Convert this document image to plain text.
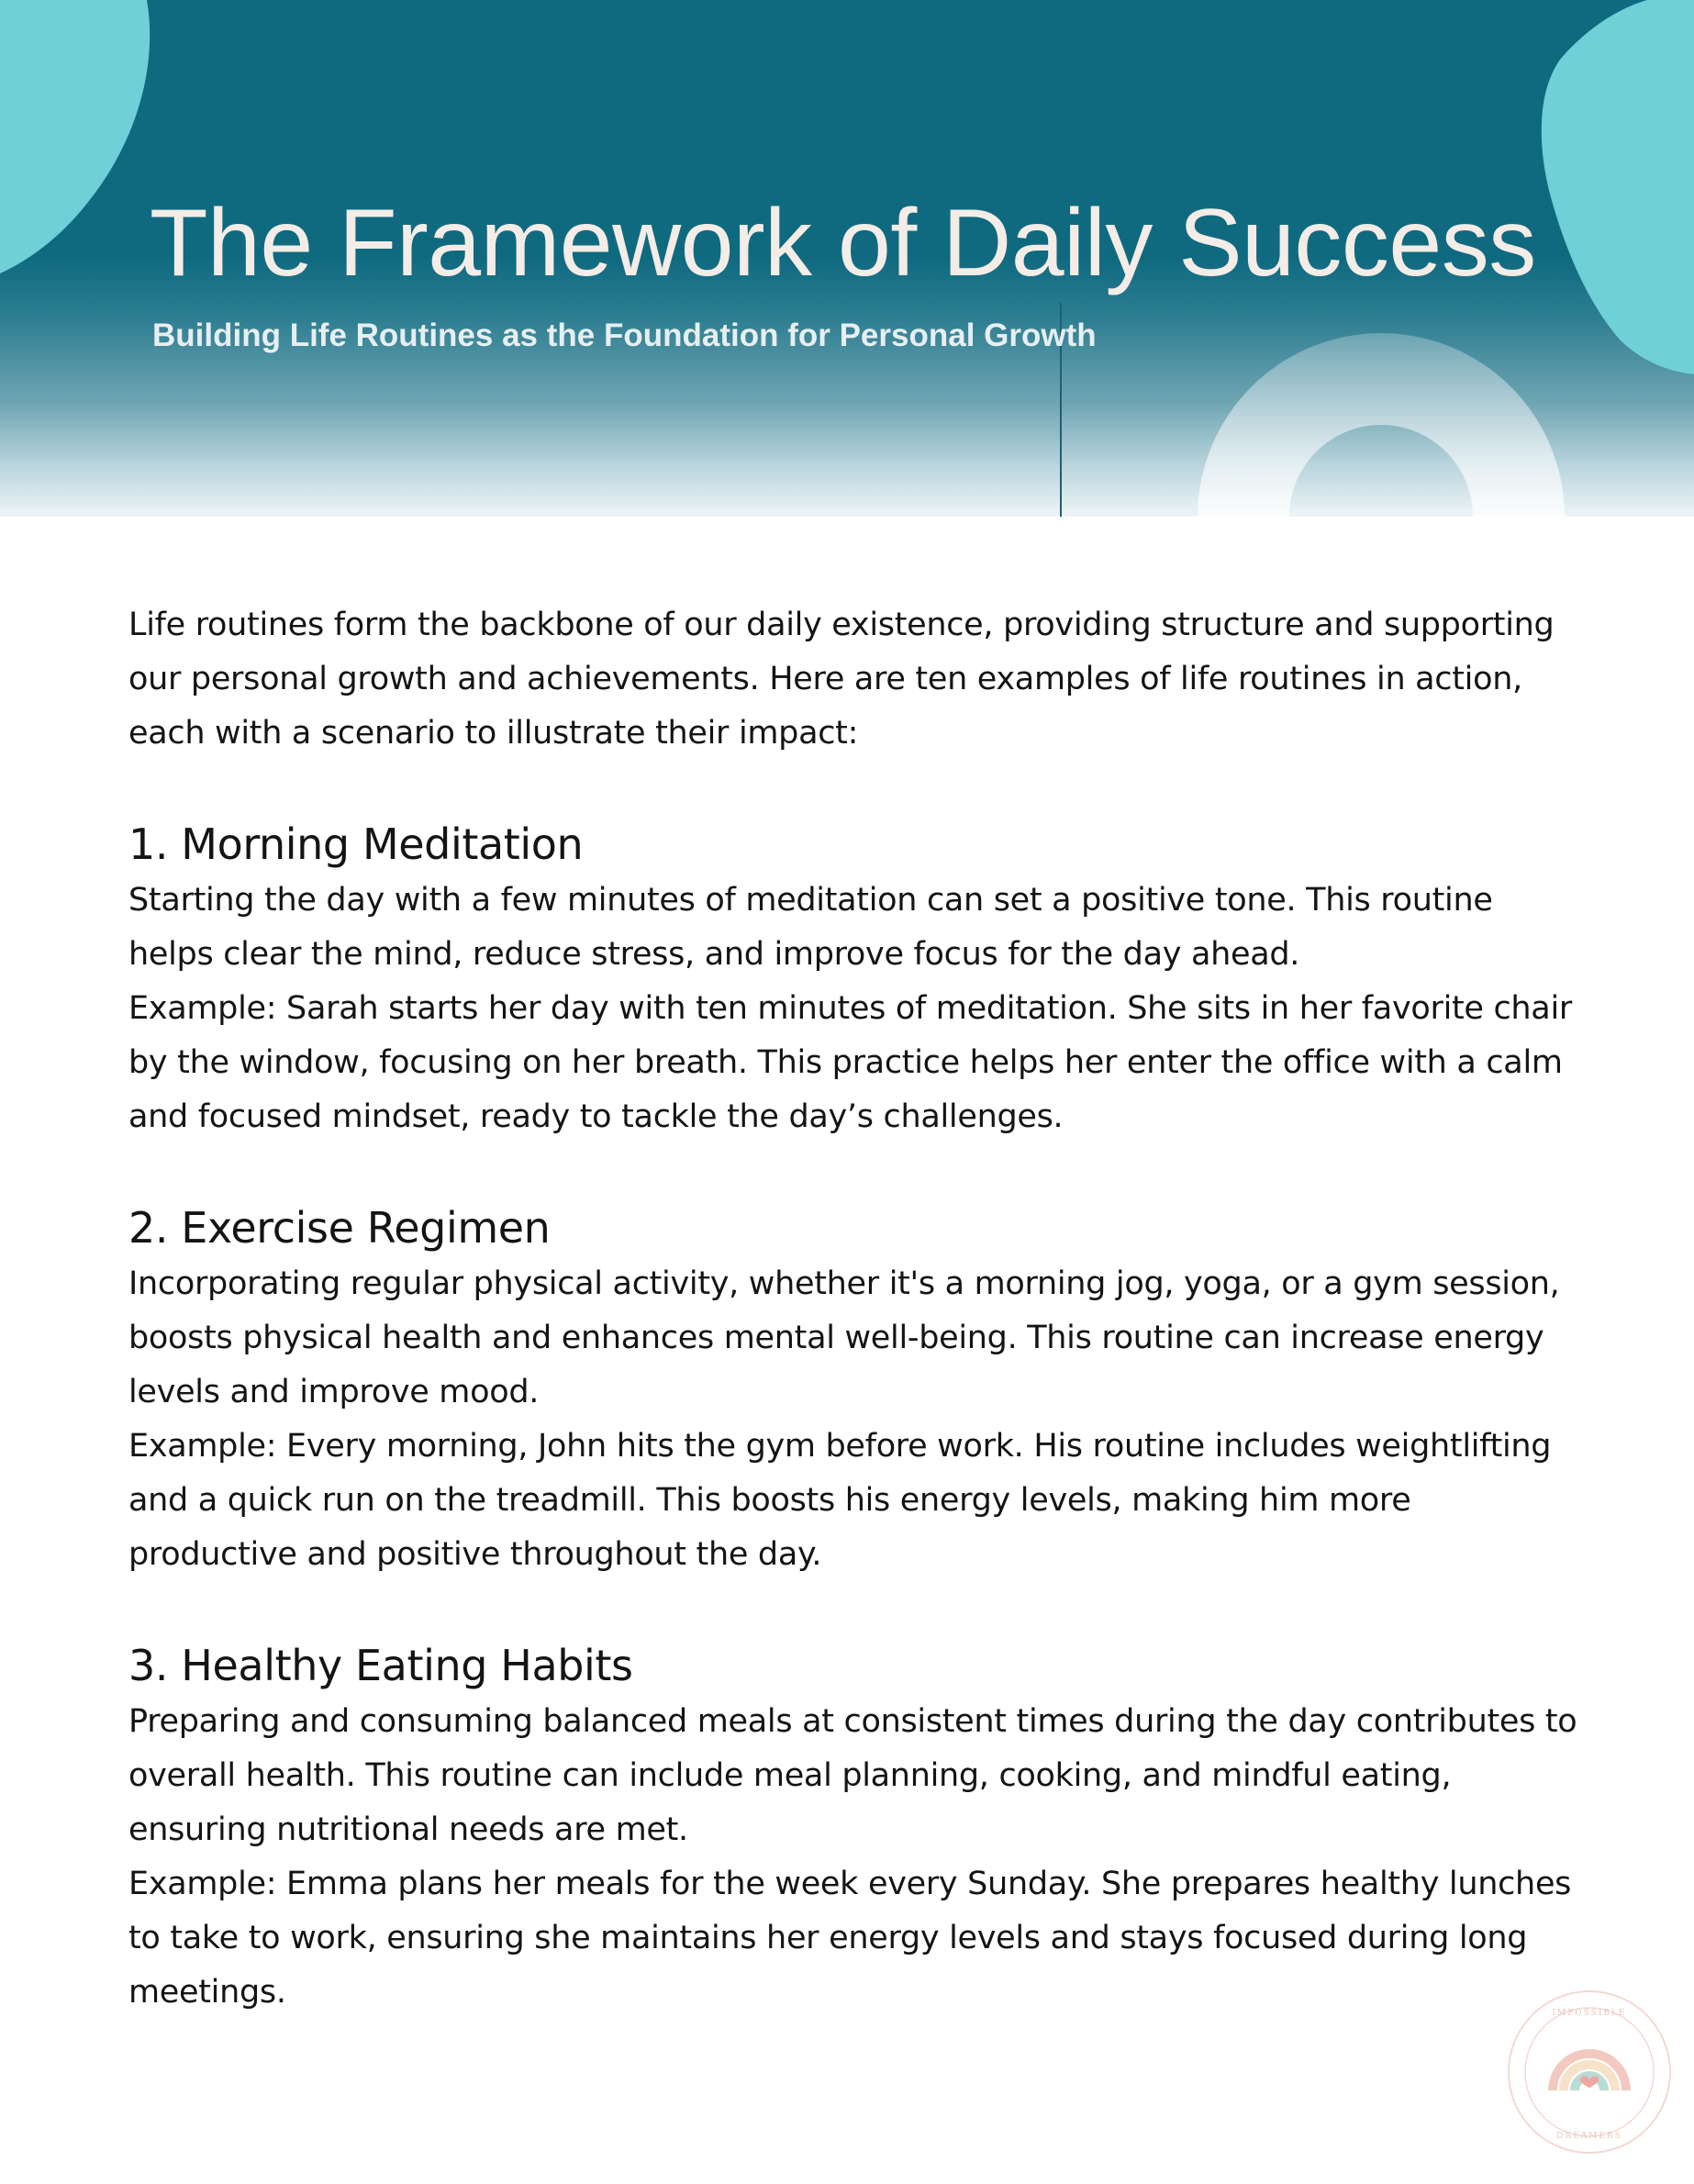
The Framework of Daily Success

Building Life Routines as the Foundation for Personal Growth

Life routines form the backbone of our daily existence, providing structure and supporting our personal growth and achievements. Here are ten examples of life routines in action, each with a scenario to illustrate their impact:

1. Morning Meditation

Starting the day with a few minutes of meditation can set a positive tone. This routine helps clear the mind, reduce stress, and improve focus for the day ahead.

Example: Sarah starts her day with ten minutes of meditation. She sits in her favorite chair by the window, focusing on her breath. This practice helps her enter the office with a calm and focused mindset, ready to tackle the day’s challenges.

2. Exercise Regimen

Incorporating regular physical activity, whether it's a morning jog, yoga, or a gym session, boosts physical health and enhances mental well-being. This routine can increase energy levels and improve mood.

Example: Every morning, John hits the gym before work. His routine includes weightlifting and a quick run on the treadmill. This boosts his energy levels, making him more productive and positive throughout the day.

3. Healthy Eating Habits

Preparing and consuming balanced meals at consistent times during the day contributes to overall health. This routine can include meal planning, cooking, and mindful eating, ensuring nutritional needs are met.

Example: Emma plans her meals for the week every Sunday. She prepares healthy lunches to take to work, ensuring she maintains her energy levels and stays focused during long meetings.

IMPOSSIBLE
DREAMERS
